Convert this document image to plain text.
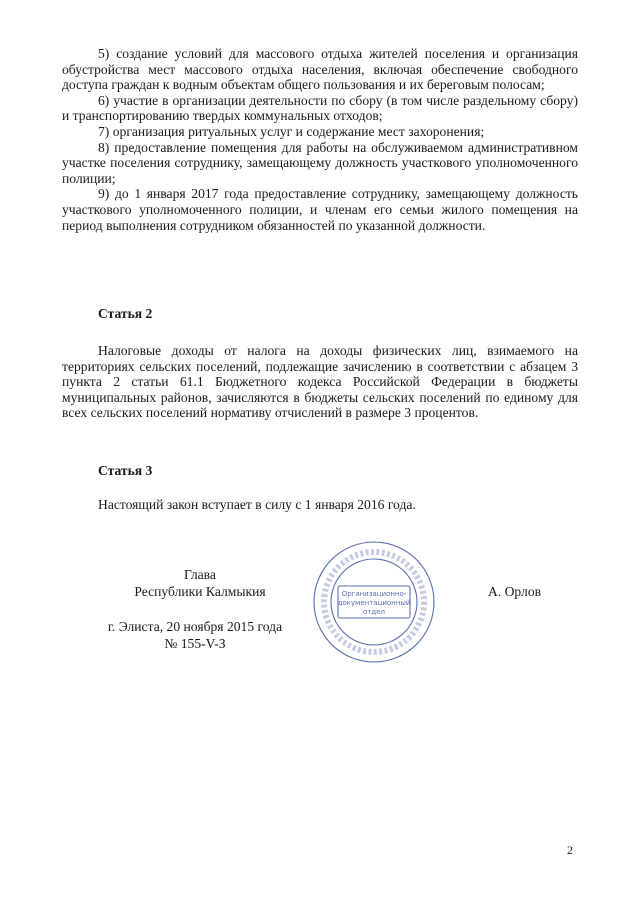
5) создание условий для массового отдыха жителей поселения и организация обустройства мест массового отдыха населения, включая обеспечение свободного доступа граждан к водным объектам общего пользования и их береговым полосам;

6) участие в организации деятельности по сбору (в том числе раздельному сбору) и транспортированию твердых коммунальных отходов;

7) организация ритуальных услуг и содержание мест захоронения;

8) предоставление помещения для работы на обслуживаемом административном участке поселения сотруднику, замещающему должность участкового уполномоченного полиции;

9) до 1 января 2017 года предоставление сотруднику, замещающему должность участкового уполномоченного полиции, и членам его семьи жилого помещения на период выполнения сотрудником обязанностей по указанной должности.

Статья 2

Налоговые доходы от налога на доходы физических лиц, взимаемого на территориях сельских поселений, подлежащие зачислению в соответствии с абзацем 3 пункта 2 статьи 61.1 Бюджетного кодекса Российской Федерации в бюджеты муниципальных районов, зачисляются в бюджеты сельских поселений по единому для всех сельских поселений нормативу отчислений в размере 3 процентов.

Статья 3

Настоящий закон вступает в силу с 1 января 2016 года.

Глава
Республики Калмыкия	А. Орлов
г. Элиста, 20 ноября 2015 года
№ 155-V-З
Организационно-
документационный
отдел
2
